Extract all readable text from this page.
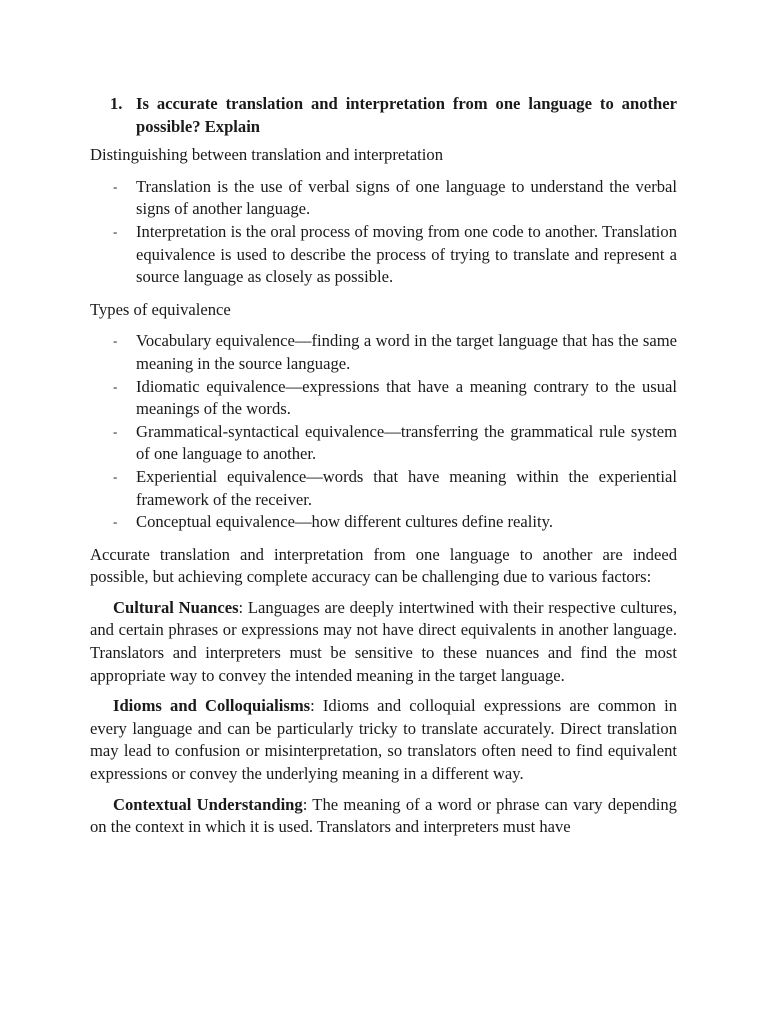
1. Is accurate translation and interpretation from one language to another possible? Explain

Distinguishing between translation and interpretation

- Translation is the use of verbal signs of one language to understand the verbal signs of another language.
- Interpretation is the oral process of moving from one code to another. Translation equivalence is used to describe the process of trying to translate and represent a source language as closely as possible.

Types of equivalence

- Vocabulary equivalence—finding a word in the target language that has the same meaning in the source language.
- Idiomatic equivalence—expressions that have a meaning contrary to the usual meanings of the words.
- Grammatical-syntactical equivalence—transferring the grammatical rule system of one language to another.
- Experiential equivalence—words that have meaning within the experiential framework of the receiver.
- Conceptual equivalence—how different cultures define reality.

Accurate translation and interpretation from one language to another are indeed possible, but achieving complete accuracy can be challenging due to various factors:

Cultural Nuances: Languages are deeply intertwined with their respective cultures, and certain phrases or expressions may not have direct equivalents in another language. Translators and interpreters must be sensitive to these nuances and find the most appropriate way to convey the intended meaning in the target language.

Idioms and Colloquialisms: Idioms and colloquial expressions are common in every language and can be particularly tricky to translate accurately. Direct translation may lead to confusion or misinterpretation, so translators often need to find equivalent expressions or convey the underlying meaning in a different way.

Contextual Understanding: The meaning of a word or phrase can vary depending on the context in which it is used. Translators and interpreters must have
